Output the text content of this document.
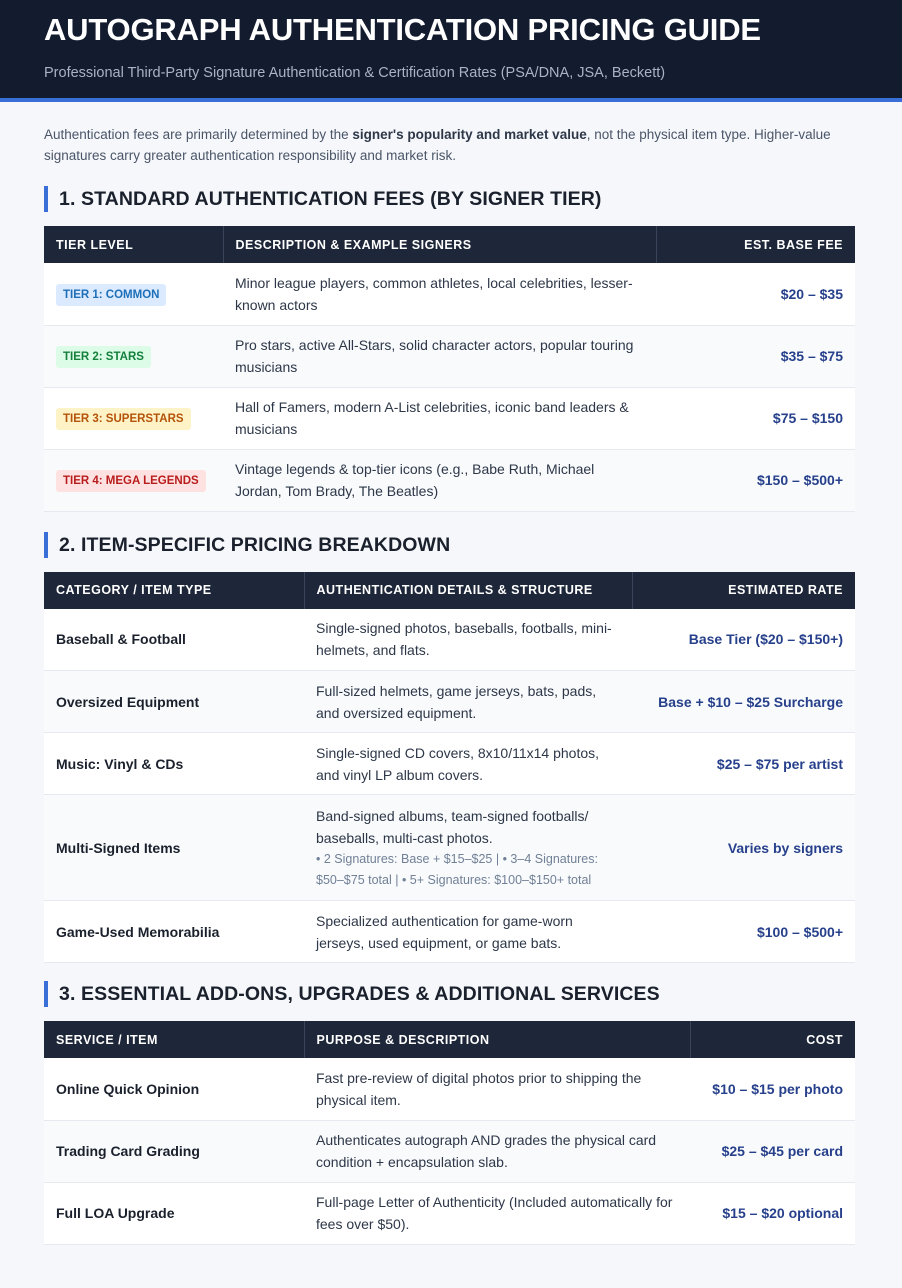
AUTOGRAPH AUTHENTICATION PRICING GUIDE
Professional Third-Party Signature Authentication & Certification Rates (PSA/DNA, JSA, Beckett)

Authentication fees are primarily determined by the signer's popularity and market value, not the physical item type. Higher-value signatures carry greater authentication responsibility and market risk.

1. STANDARD AUTHENTICATION FEES (BY SIGNER TIER)
TIER LEVEL	DESCRIPTION & EXAMPLE SIGNERS	EST. BASE FEE
TIER 1: COMMON	Minor league players, common athletes, local celebrities, lesser-known actors	$20 – $35
TIER 2: STARS	Pro stars, active All-Stars, solid character actors, popular touring musicians	$35 – $75
TIER 3: SUPERSTARS	Hall of Famers, modern A-List celebrities, iconic band leaders & musicians	$75 – $150
TIER 4: MEGA LEGENDS	Vintage legends & top-tier icons (e.g., Babe Ruth, Michael Jordan, Tom Brady, The Beatles)	$150 – $500+
2. ITEM-SPECIFIC PRICING BREAKDOWN
CATEGORY / ITEM TYPE	AUTHENTICATION DETAILS & STRUCTURE	ESTIMATED RATE
Baseball & Football	Single-signed photos, baseballs, footballs, mini-helmets, and flats.	Base Tier ($20 – $150+)
Oversized Equipment	Full-sized helmets, game jerseys, bats, pads, and oversized equipment.	Base + $10 – $25 Surcharge
Music: Vinyl & CDs	Single-signed CD covers, 8x10/11x14 photos, and vinyl LP album covers.	$25 – $75 per artist
Multi-Signed Items	Band-signed albums, team-signed footballs/ baseballs, multi-cast photos.
• 2 Signatures: Base + $15–$25 | • 3–4 Signatures: $50–$75 total | • 5+ Signatures: $100–$150+ total	Varies by signers
Game-Used Memorabilia	Specialized authentication for game-worn jerseys, used equipment, or game bats.	$100 – $500+
3. ESSENTIAL ADD-ONS, UPGRADES & ADDITIONAL SERVICES
SERVICE / ITEM	PURPOSE & DESCRIPTION	COST
Online Quick Opinion	Fast pre-review of digital photos prior to shipping the physical item.	$10 – $15 per photo
Trading Card Grading	Authenticates autograph AND grades the physical card condition + encapsulation slab.	$25 – $45 per card
Full LOA Upgrade	Full-page Letter of Authenticity (Included automatically for fees over $50).	$15 – $20 optional
